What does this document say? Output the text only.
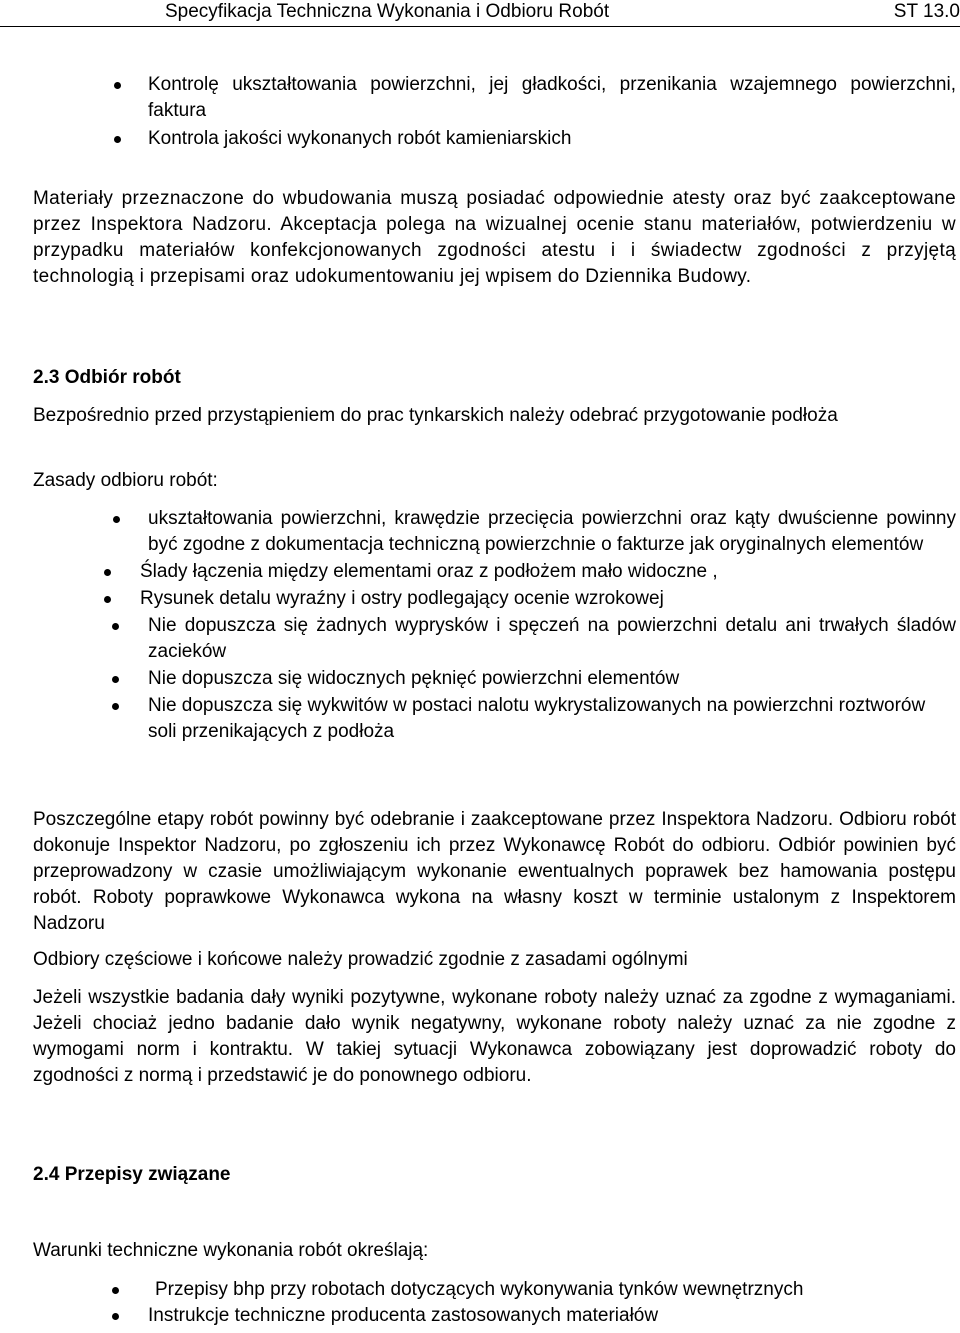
Specyfikacja Techniczna Wykonania i Odbioru Robót	ST 13.0
Kontrolę ukształtowania powierzchni, jej gładkości, przenikania wzajemnego powierzchni, faktura
Kontrola jakości wykonanych robót kamieniarskich
Materiały przeznaczone do wbudowania muszą posiadać odpowiednie atesty oraz być zaakceptowane przez Inspektora Nadzoru. Akceptacja polega na wizualnej ocenie stanu materiałów, potwierdzeniu w przypadku materiałów konfekcjonowanych zgodności atestu i i świadectw zgodności z przyjętą technologią i przepisami oraz udokumentowaniu jej wpisem do Dziennika Budowy.
2.3 Odbiór robót
Bezpośrednio przed przystąpieniem do prac tynkarskich należy odebrać przygotowanie podłoża
Zasady odbioru robót:
ukształtowania powierzchni, krawędzie przecięcia powierzchni oraz kąty dwuścienne powinny być zgodne z dokumentacja techniczną powierzchnie o fakturze jak oryginalnych elementów
Ślady łączenia między elementami oraz z podłożem mało widoczne ,
Rysunek detalu wyraźny i ostry podlegający ocenie wzrokowej
Nie dopuszcza się żadnych wyprysków i spęczeń na powierzchni detalu ani trwałych śladów zacieków
Nie dopuszcza się widocznych pęknięć powierzchni elementów
Nie dopuszcza się wykwitów w postaci nalotu wykrystalizowanych na powierzchni roztworów soli przenikających z podłoża
Poszczególne etapy robót powinny być odebranie i zaakceptowane przez Inspektora Nadzoru. Odbioru robót dokonuje Inspektor Nadzoru, po zgłoszeniu ich przez Wykonawcę Robót do odbioru. Odbiór powinien być przeprowadzony w czasie umożliwiającym wykonanie ewentualnych poprawek bez hamowania postępu robót. Roboty poprawkowe Wykonawca wykona na własny koszt w terminie ustalonym z Inspektorem Nadzoru
Odbiory częściowe i końcowe należy prowadzić zgodnie z zasadami ogólnymi
Jeżeli wszystkie badania dały wyniki pozytywne, wykonane roboty należy uznać za zgodne z wymaganiami. Jeżeli chociaż jedno badanie dało wynik negatywny, wykonane roboty należy uznać za nie zgodne z wymogami norm i kontraktu. W takiej sytuacji Wykonawca zobowiązany jest doprowadzić roboty do zgodności z normą i przedstawić je do ponownego odbioru.
2.4 Przepisy związane
Warunki techniczne wykonania robót określają:
Przepisy bhp przy robotach dotyczących wykonywania tynków wewnętrznych
Instrukcje techniczne producenta zastosowanych materiałów
